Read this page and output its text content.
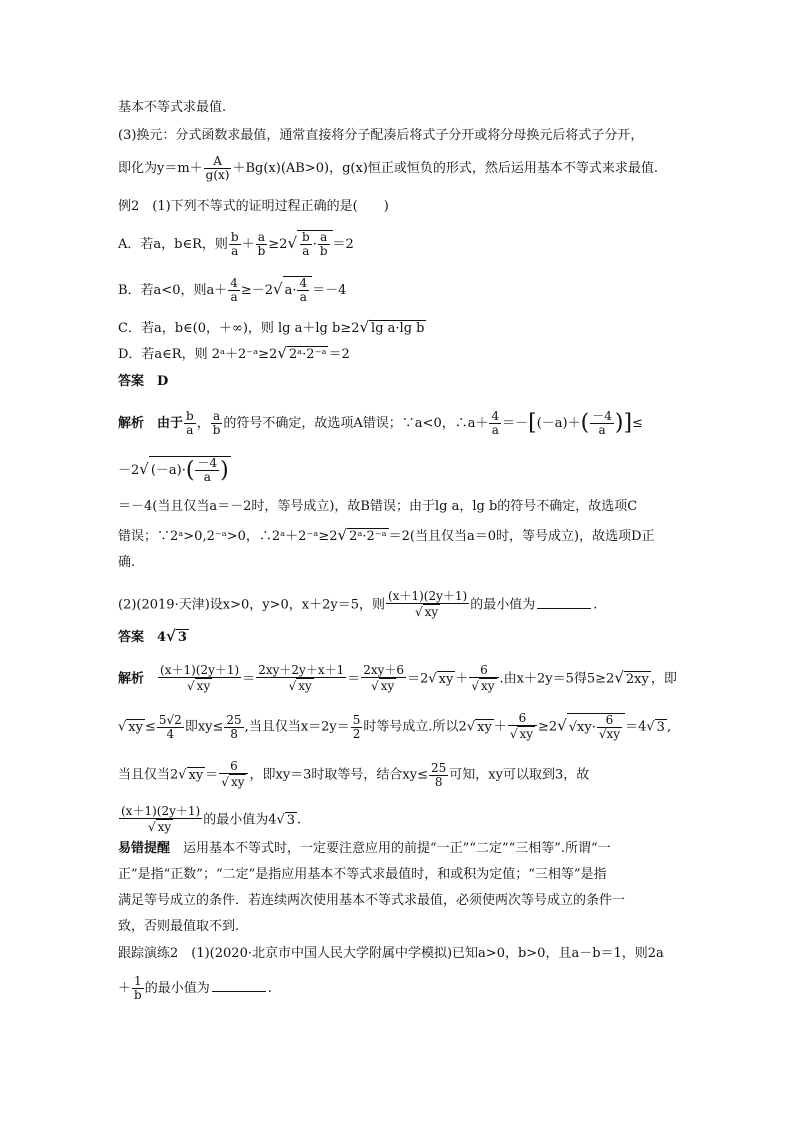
基本不等式求最值.
(3)换元：分式函数求最值，通常直接将分子配凑后将式子分开或将分母换元后将式子分开，
即化为$y=m+ \frac{A}{g(x)} +Bg(x)(AB>0)$，g(x)恒正或恒负的形式，然后运用基本不等式来求最值.
例2　(1)下列不等式的证明过程正确的是(　　)
A．若a，b∈R，则 $\frac{b}{a} + \frac{a}{b} \ge 2√ \frac{b}{a} \cdot \frac{a}{b} =2$
B．若a<0，则$a+ \frac{4}{a} \ge-2√$ $a\cdot \frac{4}{a} =-4$
C．若a，b∈(0，＋∞)，则 lg a＋lg b≥2√ lg a·lg b
D．若a∈R，则 2ᵃ＋2⁻ᵃ≥2√ 2ᵃ·2⁻ᵃ ＝2
答案　D
解析　由于 $\frac{b}{a}$ ， $\frac{a}{b}$ 的符号不确定，故选项A错误；∵a<0，∴a＋ $\frac{4}{a} =-[(-a)+( \frac{-4}{a}$ )]≤
－2√ $(-a)\cdot( \frac{-4}{a}$ )
＝－4(当且仅当a＝－2时，等号成立)，故B错误；由于lg a，lg b的符号不确定，故选项C
错误；∵2ᵃ>0,2⁻ᵃ>0，∴2ᵃ＋2⁻ᵃ≥2√ 2ᵃ·2⁻ᵃ ＝2(当且仅当a＝0时，等号成立)，故选项D正
确.
(2)(2019·天津)设x>0，y>0，x＋2y＝5，则 $\frac{(x+1)(2y+1)}{√ xy}$ 的最小值为	.
答案　4√ 3
解析　 $\frac{(x+1)(2y+1)}{√ xy} = \frac{2xy+2y+x+1}{√ xy} = \frac{2xy+6}{√ xy} =2√$ xy ＋ $\frac{6}{√ xy}$ .由x＋2y＝5得5≥2√ 2xy ，即
√ xy ≤ $\frac{5√2}{4}$ 即$xy\le \frac{25}{8}$ ,当且仅当$x=2y= \frac{5}{2}$ 时等号成立.所以2√ xy ＋ $\frac{6}{√ xy} \ge 2√$ $√xy\cdot \frac{6}{√xy} =4√$ 3 ,
当且仅当2√ xy ＝ $\frac{6}{√ xy}$ ，即xy＝3时取等号，结合$xy\le \frac{25}{8}$ 可知，xy可以取到3，故
$\frac{(x+1)(2y+1)}{√ xy}$ 的最小值为4√ 3 .
易错提醒　 运用基本不等式时，一定要注意应用的前提“一正”“二定”“三相等”.所谓“一
正”是指“正数”；“二定”是指应用基本不等式求最值时，和或积为定值；“三相等”是指
满足等号成立的条件．若连续两次使用基本不等式求最值，必须使两次等号成立的条件一
致，否则最值取不到.
跟踪演练2　(1)(2020·北京市中国人民大学附属中学模拟)已知a>0，b>0，且a－b＝1，则2a
＋ $\frac{1}{b}$ 的最小值为	.
